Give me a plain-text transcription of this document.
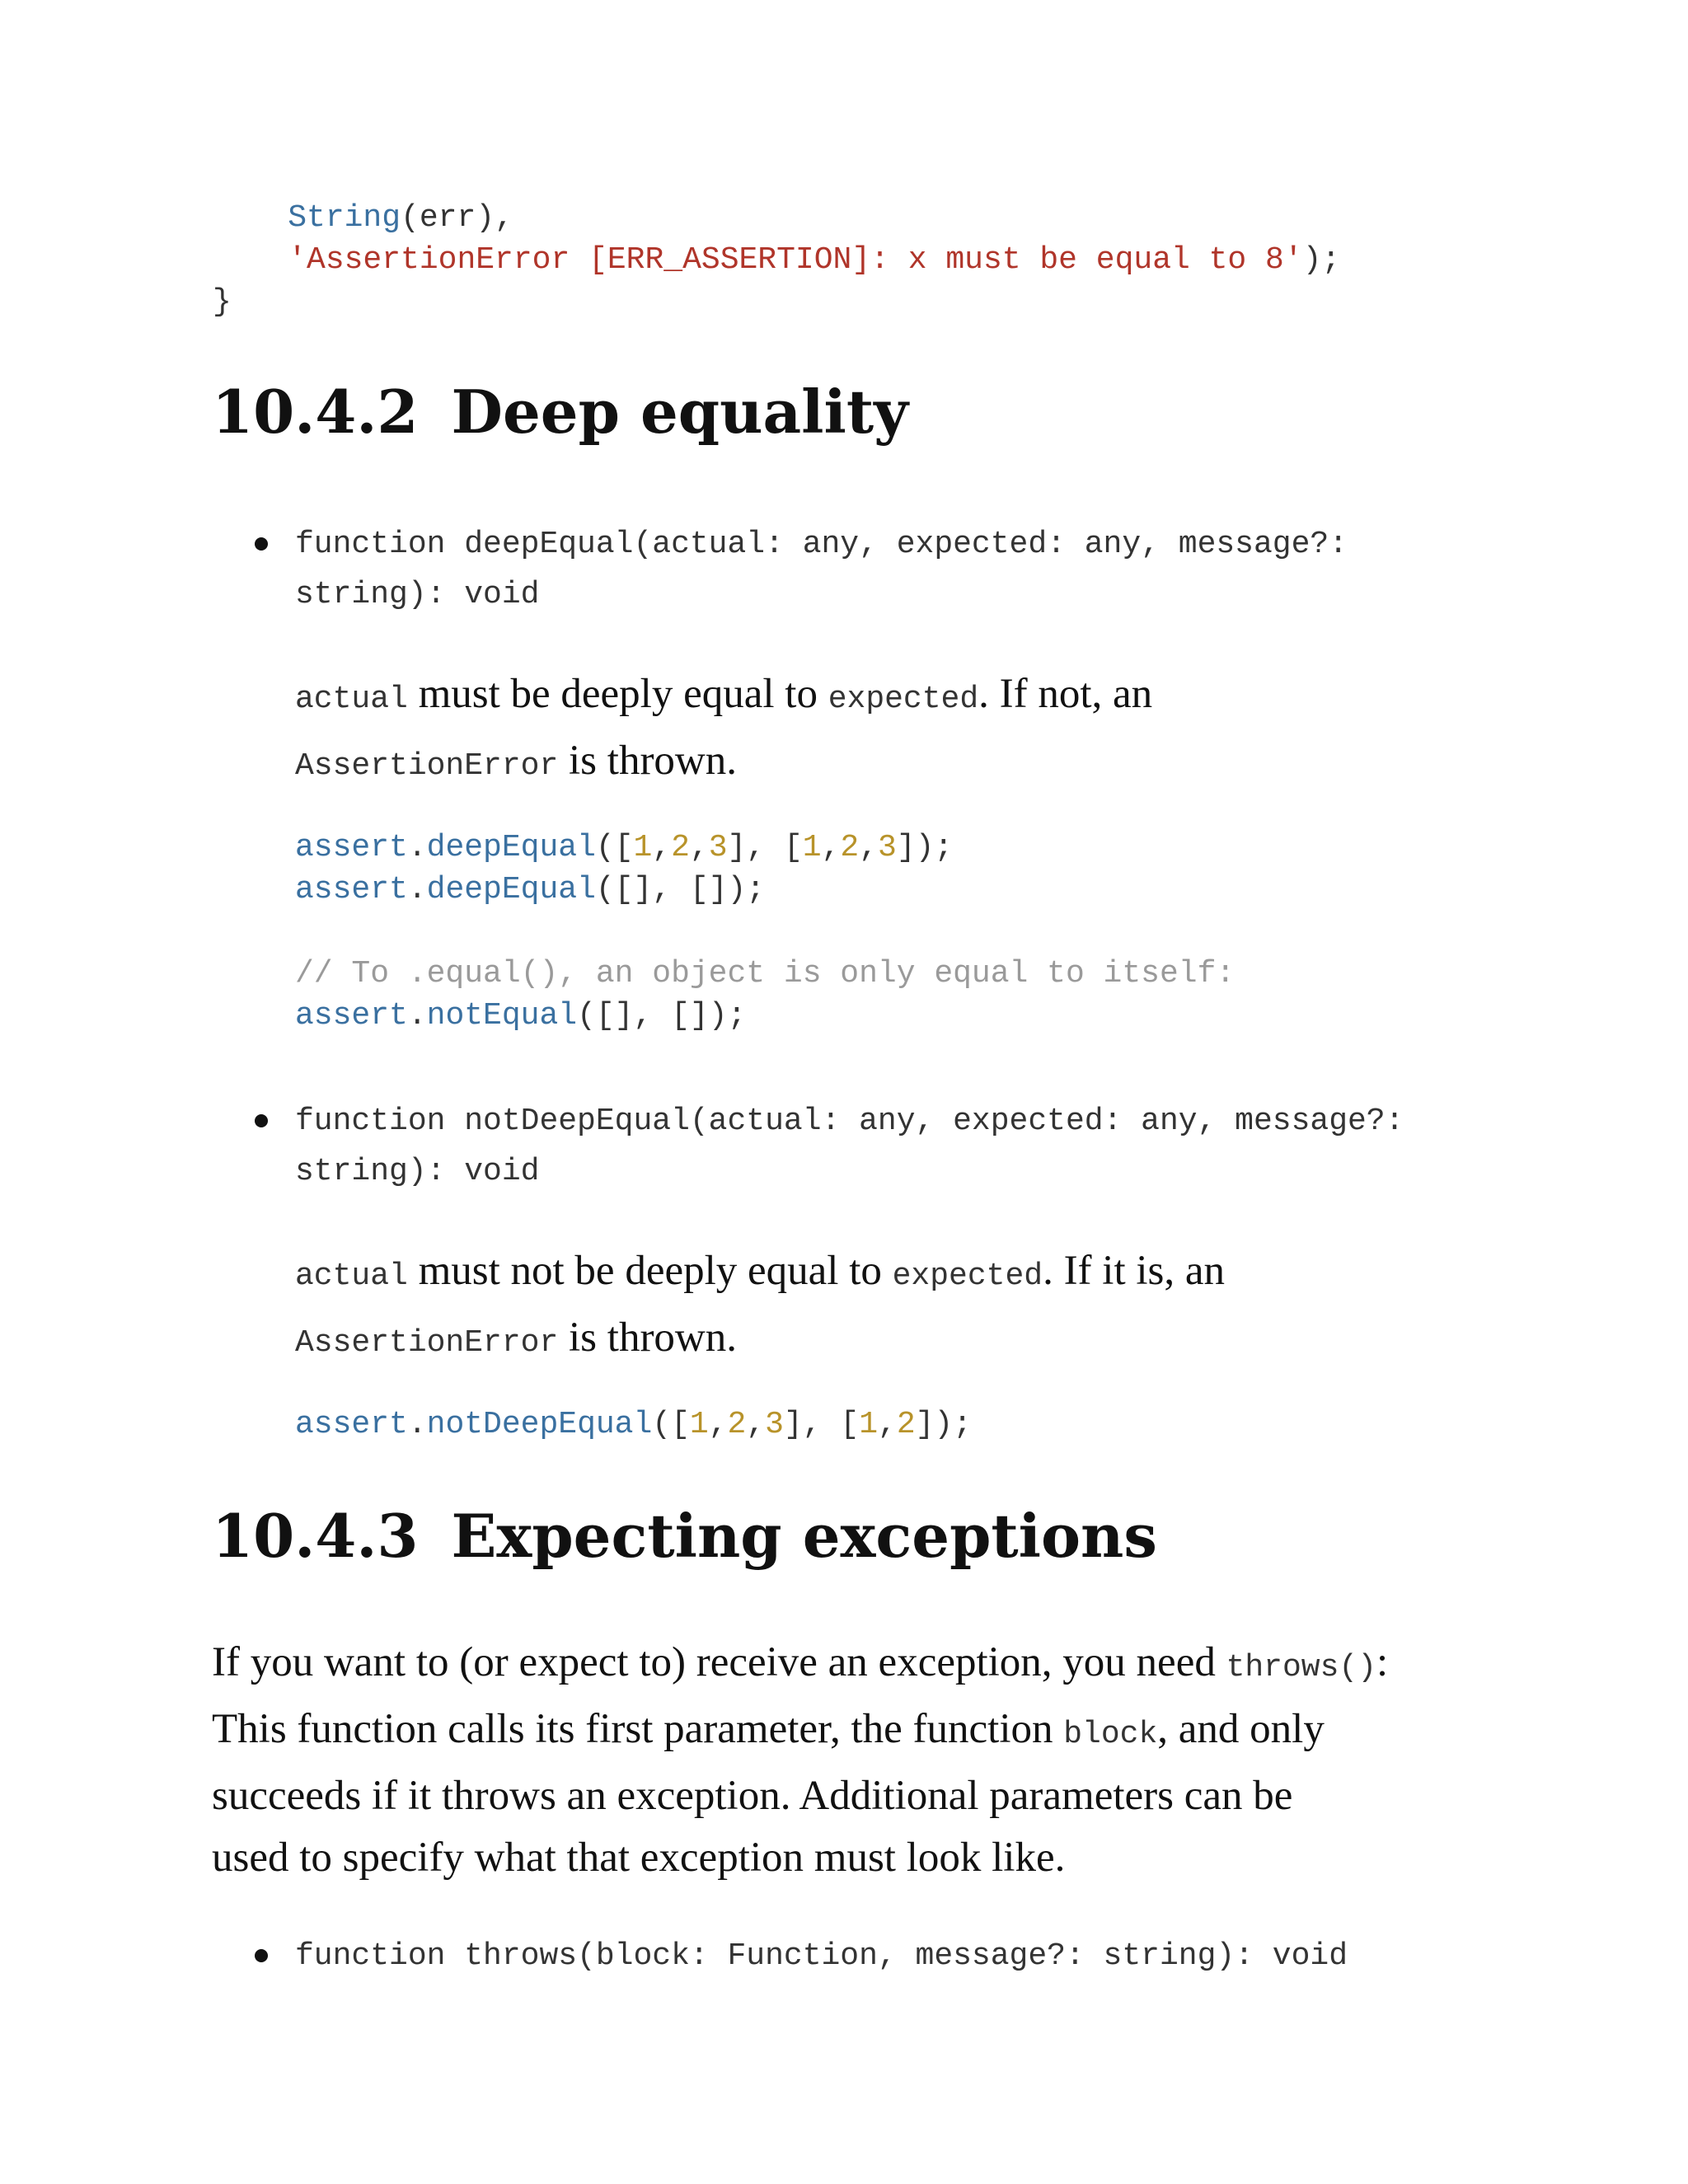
String(err),
'AssertionError [ERR_ASSERTION]: x must be equal to 8');
}
10.4.2 Deep equality
function deepEqual(actual: any, expected: any, message?:
string): void
actual must be deeply equal to expected. If not, an
AssertionError is thrown.
assert.deepEqual([1,2,3], [1,2,3]);
assert.deepEqual([], []);

// To .equal(), an object is only equal to itself:
assert.notEqual([], []);
function notDeepEqual(actual: any, expected: any, message?:
string): void
actual must not be deeply equal to expected. If it is, an
AssertionError is thrown.
assert.notDeepEqual([1,2,3], [1,2]);
10.4.3 Expecting exceptions
If you want to (or expect to) receive an exception, you need throws():
This function calls its first parameter, the function block, and only
succeeds if it throws an exception. Additional parameters can be
used to specify what that exception must look like.
function throws(block: Function, message?: string): void
